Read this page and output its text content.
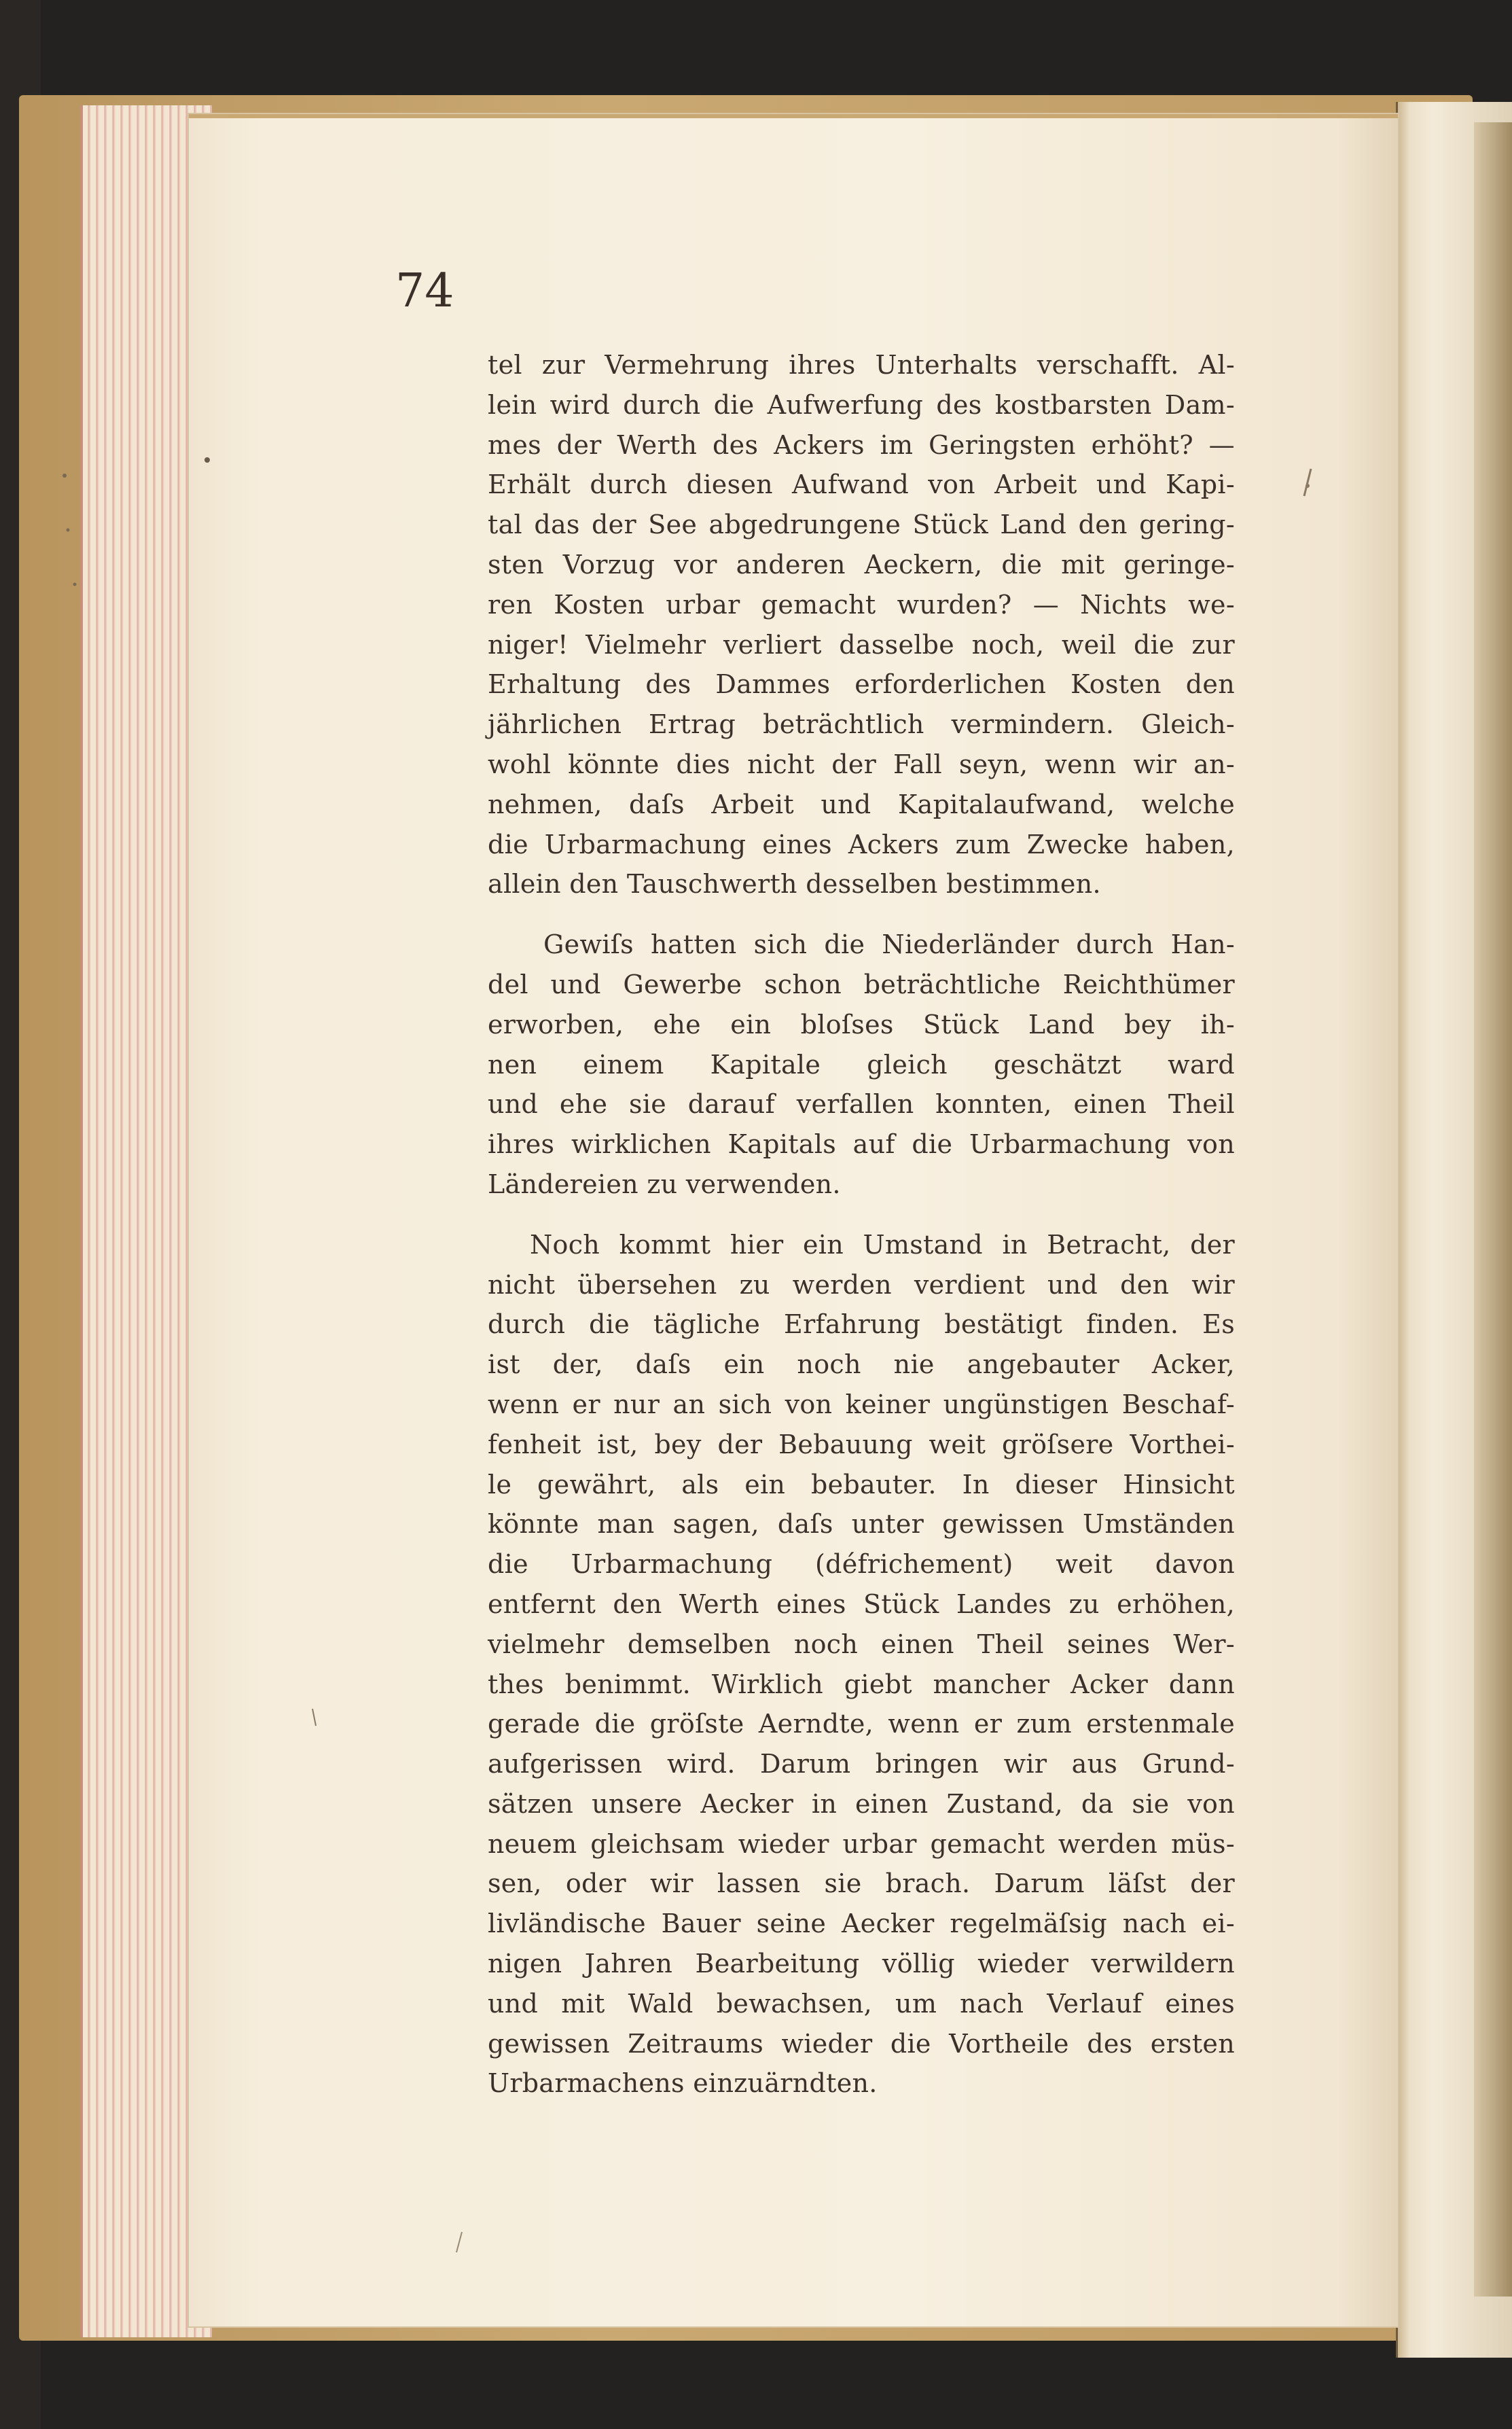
74
tel zur Vermehrung ihres Unterhalts verschafft. Al-
lein wird durch die Aufwerfung des kostbarsten Dam-
mes der Werth des Ackers im Geringsten erhöht? —
Erhält durch diesen Aufwand von Arbeit und Kapi-
tal das der See abgedrungene Stück Land den gering-
sten Vorzug vor anderen Aeckern, die mit geringe-
ren Kosten urbar gemacht wurden? — Nichts we-
niger! Vielmehr verliert dasselbe noch, weil die zur
Erhaltung des Dammes erforderlichen Kosten den
jährlichen Ertrag beträchtlich vermindern. Gleich-
wohl könnte dies nicht der Fall seyn, wenn wir an-
nehmen, daſs Arbeit und Kapitalaufwand, welche
die Urbarmachung eines Ackers zum Zwecke haben,
allein den Tauschwerth desselben bestimmen.
Gewiſs hatten sich die Niederländer durch Han-
del und Gewerbe schon beträchtliche Reichthümer
erworben, ehe ein bloſses Stück Land bey ih-
nen einem Kapitale gleich geschätzt ward
und ehe sie darauf verfallen konnten, einen Theil
ihres wirklichen Kapitals auf die Urbarmachung von
Ländereien zu verwenden.
Noch kommt hier ein Umstand in Betracht, der
nicht übersehen zu werden verdient und den wir
durch die tägliche Erfahrung bestätigt finden. Es
ist der, daſs ein noch nie angebauter Acker,
wenn er nur an sich von keiner ungünstigen Beschaf-
fenheit ist, bey der Bebauung weit gröſsere Vorthei-
le gewährt, als ein bebauter. In dieser Hinsicht
könnte man sagen, daſs unter gewissen Umständen
die Urbarmachung (défrichement) weit davon
entfernt den Werth eines Stück Landes zu erhöhen,
vielmehr demselben noch einen Theil seines Wer-
thes benimmt. Wirklich giebt mancher Acker dann
gerade die gröſste Aerndte, wenn er zum erstenmale
aufgerissen wird. Darum bringen wir aus Grund-
sätzen unsere Aecker in einen Zustand, da sie von
neuem gleichsam wieder urbar gemacht werden müs-
sen, oder wir lassen sie brach. Darum läſst der
livländische Bauer seine Aecker regelmäſsig nach ei-
nigen Jahren Bearbeitung völlig wieder verwildern
und mit Wald bewachsen, um nach Verlauf eines
gewissen Zeitraums wieder die Vortheile des ersten
Urbarmachens einzuärndten.
